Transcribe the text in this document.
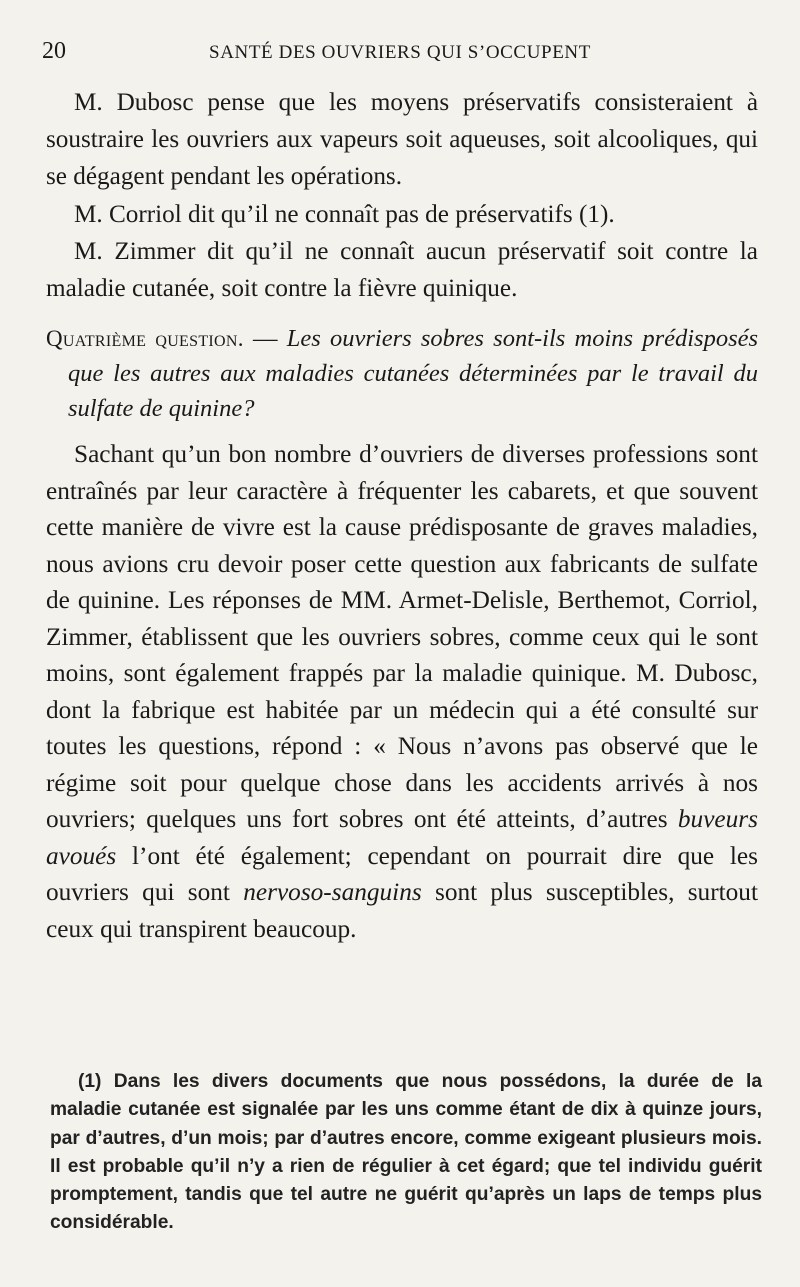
20	SANTÉ DES OUVRIERS QUI S’OCCUPENT

M. Dubosc pense que les moyens préservatifs consisteraient à soustraire les ouvriers aux vapeurs soit aqueuses, soit alcooliques, qui se dégagent pendant les opérations.

M. Corriol dit qu’il ne connaît pas de préservatifs (1).

M. Zimmer dit qu’il ne connaît aucun préservatif soit contre la maladie cutanée, soit contre la fièvre quinique.

Quatrième question. — Les ouvriers sobres sont-ils moins prédisposés que les autres aux maladies cutanées déterminées par le travail du sulfate de quinine?

Sachant qu’un bon nombre d’ouvriers de diverses professions sont entraînés par leur caractère à fréquenter les cabarets, et que souvent cette manière de vivre est la cause prédisposante de graves maladies, nous avions cru devoir poser cette question aux fabricants de sulfate de quinine. Les réponses de MM. Armet-Delisle, Berthemot, Corriol, Zimmer, établissent que les ouvriers sobres, comme ceux qui le sont moins, sont également frappés par la maladie quinique. M. Dubosc, dont la fabrique est habitée par un médecin qui a été consulté sur toutes les questions, répond : « Nous n’avons pas observé que le régime soit pour quelque chose dans les accidents arrivés à nos ouvriers; quelques uns fort sobres ont été atteints, d’autres buveurs avoués l’ont été également; cependant on pourrait dire que les ouvriers qui sont nervoso-sanguins sont plus susceptibles, surtout ceux qui transpirent beaucoup.

(1) Dans les divers documents que nous possédons, la durée de la maladie cutanée est signalée par les uns comme étant de dix à quinze jours, par d’autres, d’un mois; par d’autres encore, comme exigeant plusieurs mois. Il est probable qu’il n’y a rien de régulier à cet égard; que tel individu guérit promptement, tandis que tel autre ne guérit qu’après un laps de temps plus considérable.
